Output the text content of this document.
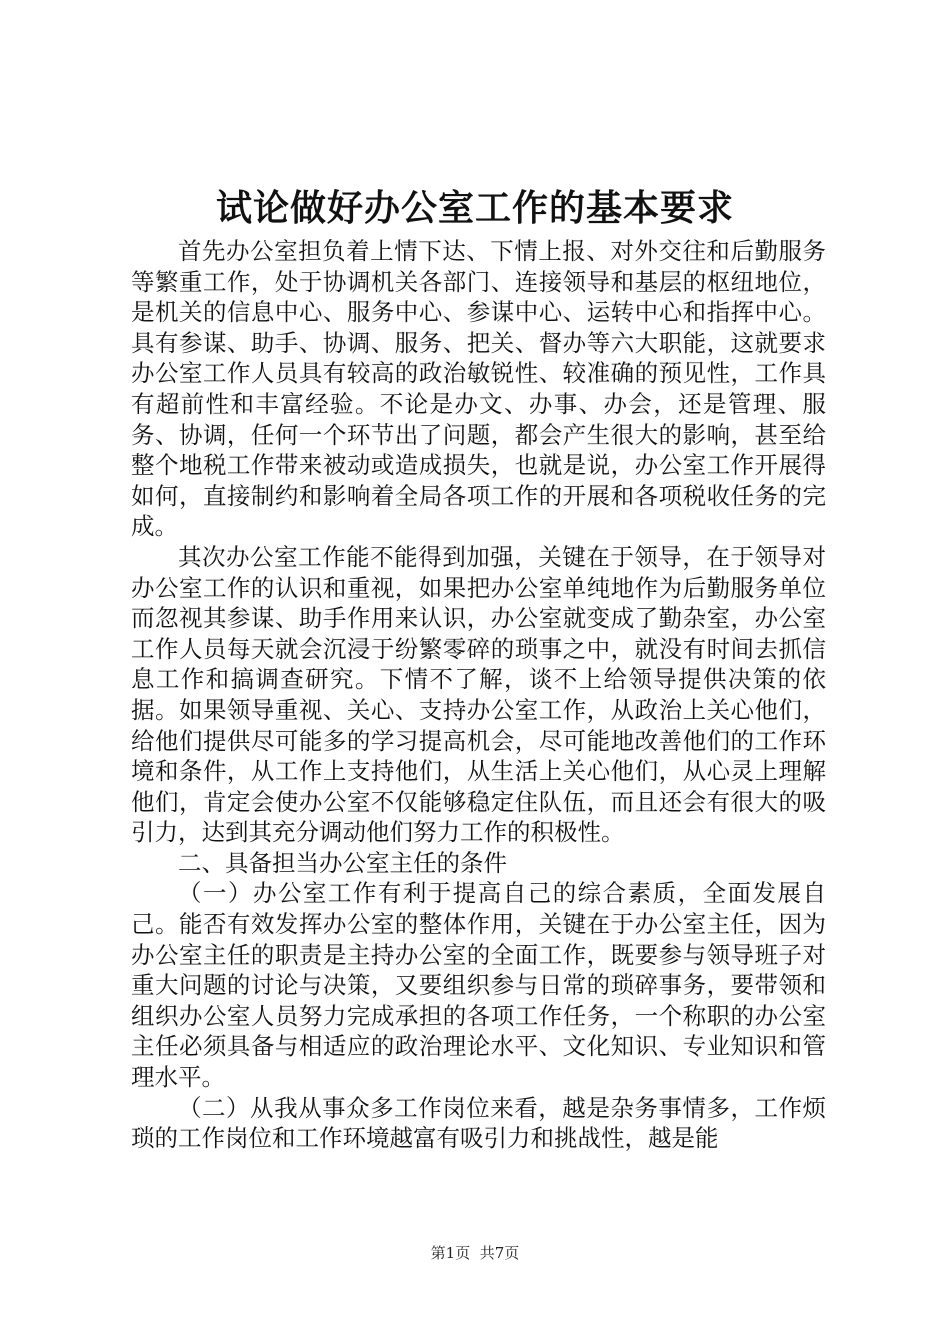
试论做好办公室工作的基本要求

首先办公室担负着上情下达、下情上报、对外交往和后勤服务等繁重工作，处于协调机关各部门、连接领导和基层的枢纽地位，是机关的信息中心、服务中心、参谋中心、运转中心和指挥中心。具有参谋、助手、协调、服务、把关、督办等六大职能，这就要求办公室工作人员具有较高的政治敏锐性、较准确的预见性，工作具有超前性和丰富经验。不论是办文、办事、办会，还是管理、服务、协调，任何一个环节出了问题，都会产生很大的影响，甚至给整个地税工作带来被动或造成损失，也就是说，办公室工作开展得如何，直接制约和影响着全局各项工作的开展和各项税收任务的完成。

其次办公室工作能不能得到加强，关键在于领导，在于领导对办公室工作的认识和重视，如果把办公室单纯地作为后勤服务单位而忽视其参谋、助手作用来认识，办公室就变成了勤杂室，办公室工作人员每天就会沉浸于纷繁零碎的琐事之中，就没有时间去抓信息工作和搞调查研究。下情不了解，谈不上给领导提供决策的依据。如果领导重视、关心、支持办公室工作，从政治上关心他们，给他们提供尽可能多的学习提高机会，尽可能地改善他们的工作环境和条件，从工作上支持他们，从生活上关心他们，从心灵上理解他们，肯定会使办公室不仅能够稳定住队伍，而且还会有很大的吸引力，达到其充分调动他们努力工作的积极性。

二、具备担当办公室主任的条件

（一）办公室工作有利于提高自己的综合素质，全面发展自己。能否有效发挥办公室的整体作用，关键在于办公室主任，因为办公室主任的职责是主持办公室的全面工作，既要参与领导班子对重大问题的讨论与决策，又要组织参与日常的琐碎事务，要带领和组织办公室人员努力完成承担的各项工作任务，一个称职的办公室主任必须具备与相适应的政治理论水平、文化知识、专业知识和管理水平。

（二）从我从事众多工作岗位来看，越是杂务事情多，工作烦琐的工作岗位和工作环境越富有吸引力和挑战性，越是能

第1页 共7页
